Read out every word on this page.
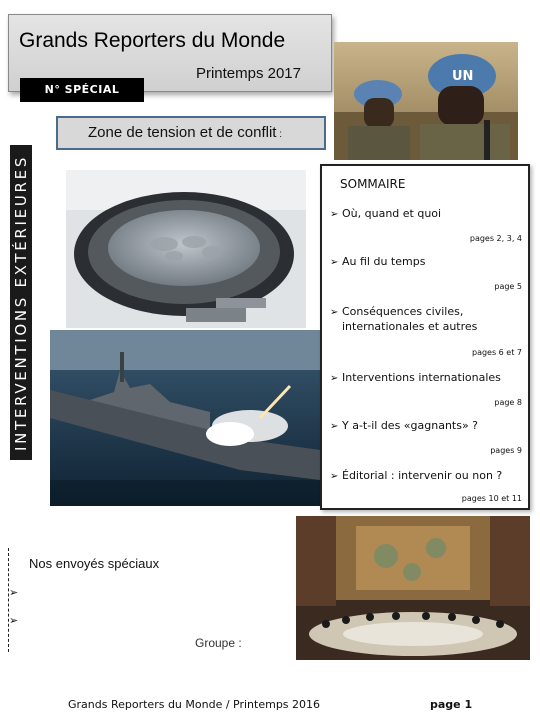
Grands Reporters du Monde
Printemps 2017
N° SPÉCIAL
UN
Zone de tension et de conflit :
INTERVENTIONS EXTÉRIEURES	SOMMAIRE
➢ Où, quand et quoi
pages 2, 3, 4
➢ Au fil du temps
page 5
➢ Conséquences civiles, internationales et autres
pages 6 et 7
➢ Interventions internationales
page 8
➢ Y a-t-il des «gagnants» ?
pages 9
➢ Éditorial : intervenir ou non ?
pages 10 et 11
Nos envoyés spéciaux
➢
➢
Groupe :
Grands Reporters du Monde / Printemps 2016	page 1
